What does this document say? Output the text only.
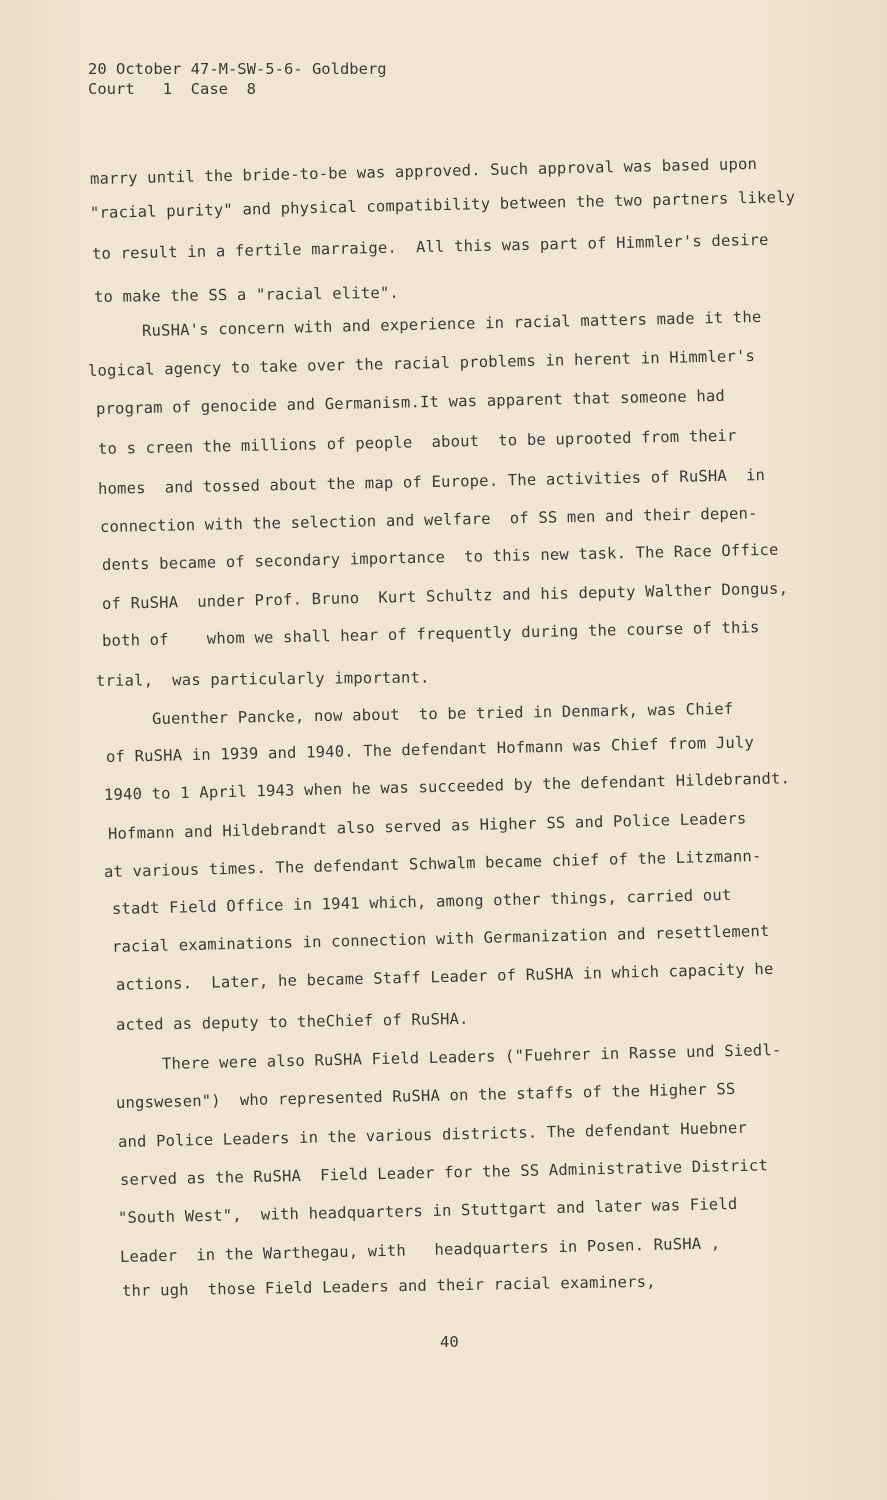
20 October 47-M-SW-5-6- Goldberg
Court   1  Case  8
marry until the bride-to-be was approved. Such approval was based upon
"racial purity" and physical compatibility between the two partners likely
to result in a fertile marraige.  All this was part of Himmler's desire
to make the SS a "racial elite".
RuSHA's concern with and experience in racial matters made it the
logical agency to take over the racial problems in herent in Himmler's
program of genocide and Germanism.It was apparent that someone had
to s creen the millions of people  about  to be uprooted from their
homes  and tossed about the map of Europe. The activities of RuSHA  in
connection with the selection and welfare  of SS men and their depen-
dents became of secondary importance  to this new task. The Race Office
of RuSHA  under Prof. Bruno  Kurt Schultz and his deputy Walther Dongus,
both of    whom we shall hear of frequently during the course of this
trial,  was particularly important.
Guenther Pancke, now about  to be tried in Denmark, was Chief
of RuSHA in 1939 and 1940. The defendant Hofmann was Chief from July
1940 to 1 April 1943 when he was succeeded by the defendant Hildebrandt.
Hofmann and Hildebrandt also served as Higher SS and Police Leaders
at various times. The defendant Schwalm became chief of the Litzmann-
stadt Field Office in 1941 which, among other things, carried out
racial examinations in connection with Germanization and resettlement
actions.  Later, he became Staff Leader of RuSHA in which capacity he
acted as deputy to theChief of RuSHA.
There were also RuSHA Field Leaders ("Fuehrer in Rasse und Siedl-
ungswesen")  who represented RuSHA on the staffs of the Higher SS
and Police Leaders in the various districts. The defendant Huebner
served as the RuSHA  Field Leader for the SS Administrative District
"South West",  with headquarters in Stuttgart and later was Field
Leader  in the Warthegau, with   headquarters in Posen. RuSHA ,
thr ugh  those Field Leaders and their racial examiners,
40
